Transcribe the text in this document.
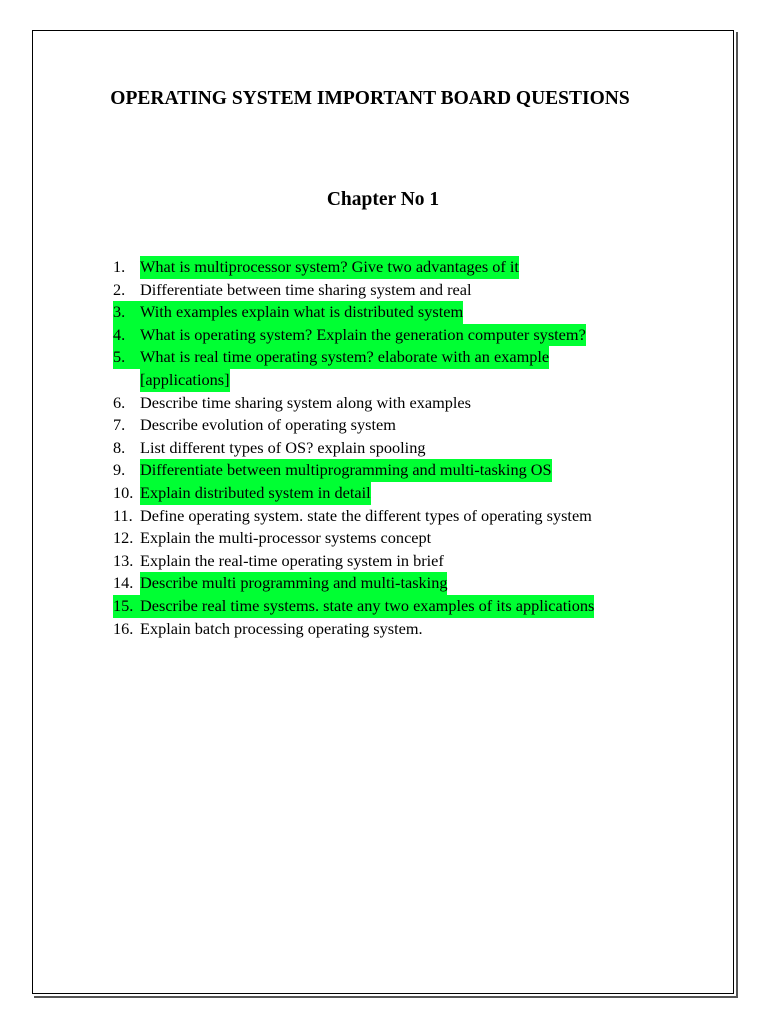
OPERATING SYSTEM IMPORTANT BOARD QUESTIONS
Chapter No 1
1. What is multiprocessor system? Give two advantages of it
2. Differentiate between time sharing system and real
3. With examples explain what is distributed system
4. What is operating system? Explain the generation computer system?
5. What is real time operating system? elaborate with an example
[applications]
6. Describe time sharing system along with examples
7. Describe evolution of operating system
8. List different types of OS? explain spooling
9. Differentiate between multiprogramming and multi-tasking OS
10. Explain distributed system in detail
11. Define operating system. state the different types of operating system
12. Explain the multi-processor systems concept
13. Explain the real-time operating system in brief
14. Describe multi programming and multi-tasking
15. Describe real time systems. state any two examples of its applications
16. Explain batch processing operating system.
